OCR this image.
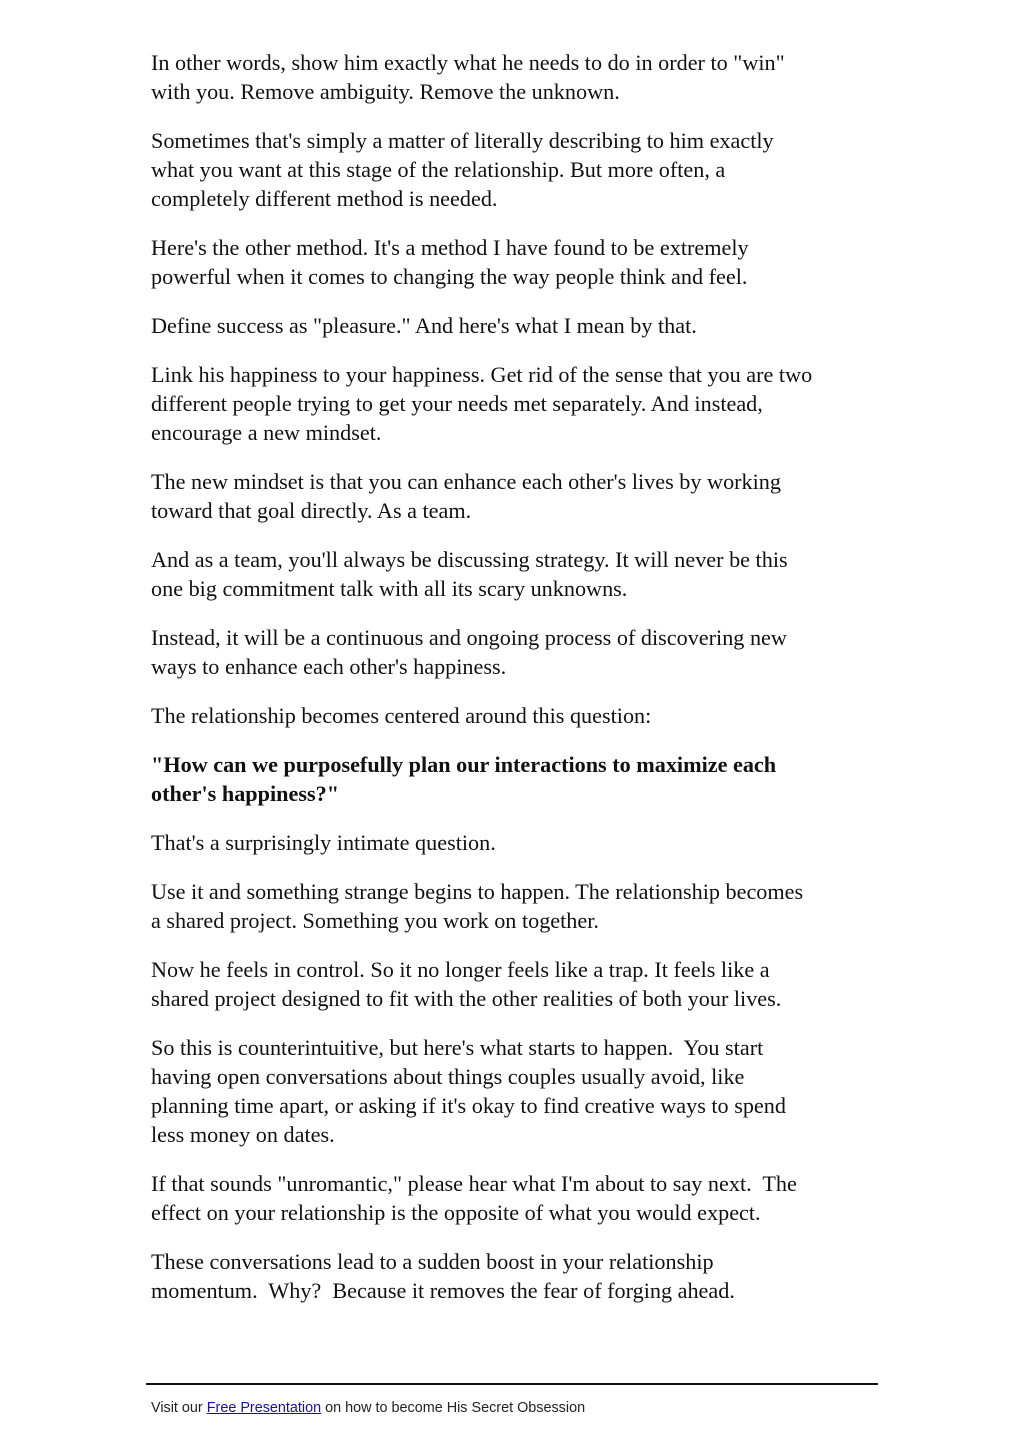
In other words, show him exactly what he needs to do in order to "win"
with you. Remove ambiguity. Remove the unknown.

Sometimes that's simply a matter of literally describing to him exactly
what you want at this stage of the relationship. But more often, a
completely different method is needed.

Here's the other method. It's a method I have found to be extremely
powerful when it comes to changing the way people think and feel.

Define success as "pleasure." And here's what I mean by that.

Link his happiness to your happiness. Get rid of the sense that you are two
different people trying to get your needs met separately. And instead,
encourage a new mindset.

The new mindset is that you can enhance each other's lives by working
toward that goal directly. As a team.

And as a team, you'll always be discussing strategy. It will never be this
one big commitment talk with all its scary unknowns.

Instead, it will be a continuous and ongoing process of discovering new
ways to enhance each other's happiness.

The relationship becomes centered around this question:

"How can we purposefully plan our interactions to maximize each
other's happiness?"

That's a surprisingly intimate question.

Use it and something strange begins to happen. The relationship becomes
a shared project. Something you work on together.

Now he feels in control. So it no longer feels like a trap. It feels like a
shared project designed to fit with the other realities of both your lives.

So this is counterintuitive, but here's what starts to happen.  You start
having open conversations about things couples usually avoid, like
planning time apart, or asking if it's okay to find creative ways to spend
less money on dates.

If that sounds "unromantic," please hear what I'm about to say next.  The
effect on your relationship is the opposite of what you would expect.

These conversations lead to a sudden boost in your relationship
momentum.  Why?  Because it removes the fear of forging ahead.

Visit our Free Presentation on how to become His Secret Obsession
